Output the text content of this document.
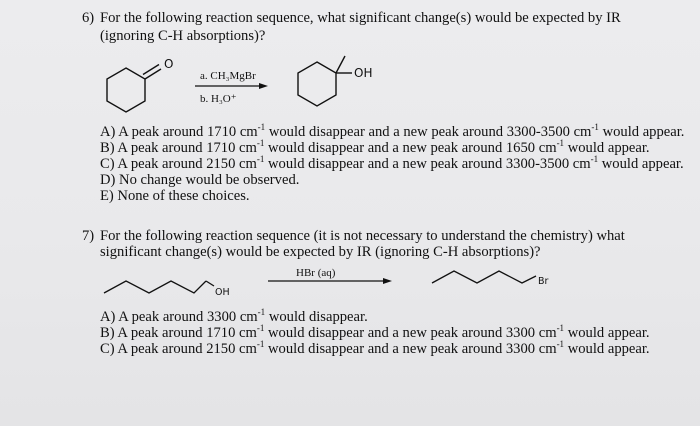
6) For the following reaction sequence, what significant change(s) would be expected by IR
(ignoring C-H absorptions)?
O
a. CH₃MgBr
b. H₃O⁺
OH
A) A peak around 1710 $cm^{-1}$ would disappear and a new peak around 3300-3500 $cm^{-1}$ would appear.
B) A peak around 1710 $cm^{-1}$ would disappear and a new peak around 1650 $cm^{-1}$ would appear.
C) A peak around 2150 $cm^{-1}$ would disappear and a new peak around 3300-3500 $cm^{-1}$ would appear.
D) No change would be observed.
E) None of these choices.
7) For the following reaction sequence (it is not necessary to understand the chemistry) what
significant change(s) would be expected by IR (ignoring C-H absorptions)?
HBr (aq)
OH
Br
A) A peak around 3300 $cm^{-1}$ would disappear.
B) A peak around 1710 $cm^{-1}$ would disappear and a new peak around 3300 $cm^{-1}$ would appear.
C) A peak around 2150 $cm^{-1}$ would disappear and a new peak around 3300 $cm^{-1}$ would appear.
